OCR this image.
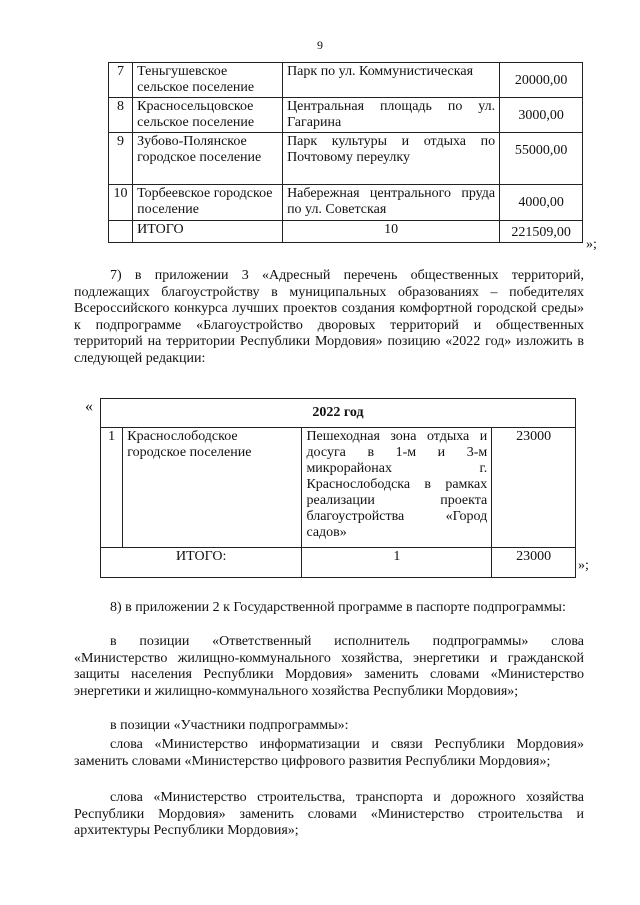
9
7	Теньгушевское сельское поселение	Парк по ул. Коммунистическая	20000,00
8	Красносельцовское сельское поселение	Центральная площадь по ул. Гагарина	3000,00
9	Зубово-Полянское городское поселение	Парк культуры и отдыха по Почтовому переулку	55000,00
10	Торбеевское городское поселение	Набережная центрального пруда по ул. Советская	4000,00
	ИТОГО	10	221509,00
»;
7) в приложении 3 «Адресный перечень общественных территорий, подлежащих благоустройству в муниципальных образованиях – победителях Всероссийского конкурса лучших проектов создания комфортной городской среды» к подпрограмме «Благоустройство дворовых территорий и общественных территорий на территории Республики Мордовия» позицию «2022 год» изложить в следующей редакции:
«	2022 год			
1	Краснослободское городское поселение	Пешеходная зона отдыха и досуга в 1-м и 3-м микрорайонах г. Краснослободска в рамках реализации проекта благоустройства «Город садов»	23000
ИТОГО:		1	23000
»;
8) в приложении 2 к Государственной программе в паспорте подпрограммы:
в позиции «Ответственный исполнитель подпрограммы» слова «Министерство жилищно-коммунального хозяйства, энергетики и гражданской защиты населения Республики Мордовия» заменить словами «Министерство энергетики и жилищно-коммунального хозяйства Республики Мордовия»;
в позиции «Участники подпрограммы»:
слова «Министерство информатизации и связи Республики Мордовия» заменить словами «Министерство цифрового развития Республики Мордовия»;
слова «Министерство строительства, транспорта и дорожного хозяйства Республики Мордовия» заменить словами «Министерство строительства и архитектуры Республики Мордовия»;
